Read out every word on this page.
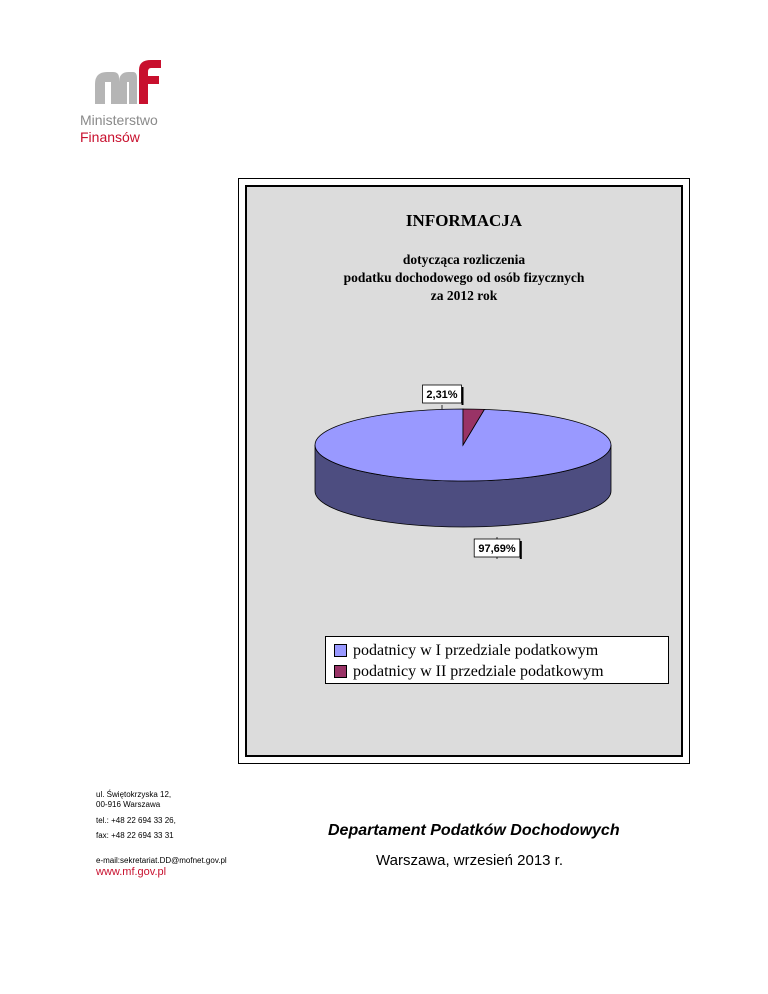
Ministerstwo
Finansów
INFORMACJA
dotycząca rozliczenia
podatku dochodowego od osób fizycznych
za 2012 rok
2,31%
97,69%
podatnicy w I przedziale podatkowym
podatnicy w II przedziale podatkowym
ul. Świętokrzyska 12,
00-916 Warszawa
tel.: +48 22 694 33 26,
fax: +48 22 694 33 31
e-mail:sekretariat.DD@mofnet.gov.pl
www.mf.gov.pl
Departament Podatków Dochodowych
Warszawa, wrzesień 2013 r.
